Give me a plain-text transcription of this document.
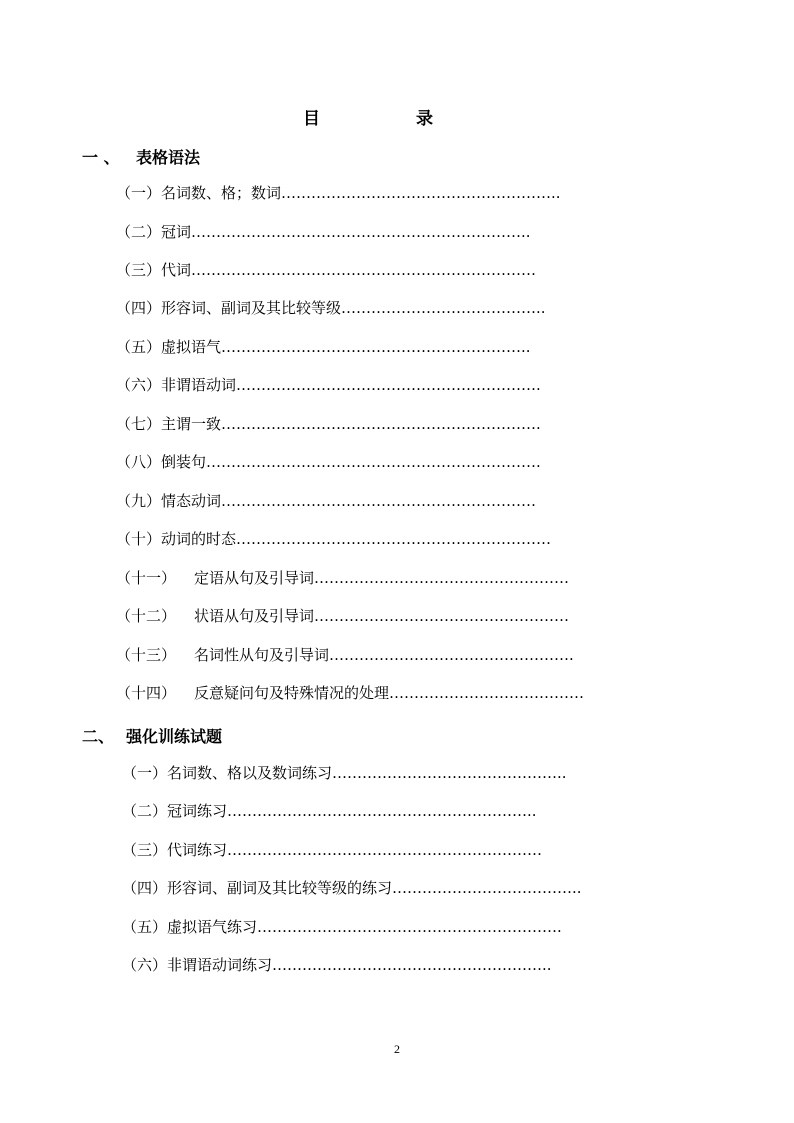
目	录
一 、 表格语法
（一）名词数、格；数词………………………………………………..
（二）冠词…………………………………………………………..
（三）代词……………………………………………………………
（四）形容词、副词及其比较等级…………………………………..
（五）虚拟语气……………………………………………………..
（六）非谓语动词…………………………………………………….
（七）主谓一致……………………………………………………….
（八）倒装句………………………………………………………….
（九）情态动词………………………………………………………
（十）动词的时态………………………………………………………
（十一） 定语从句及引导词……………………………………………
（十二） 状语从句及引导词……………………………………………
（十三） 名词性从句及引导词………………………………………….
（十四） 反意疑问句及特殊情况的处理…………………………………
二、 强化训练试题
（一）名词数、格以及数词练习………………………………………..
（二）冠词练习……………………………………………………..
（三）代词练习………………………………………………………
（四）形容词、副词及其比较等级的练习………………………………..
（五）虚拟语气练习…………………………………………………….
（六）非谓语动词练习………………………………………………..
2
